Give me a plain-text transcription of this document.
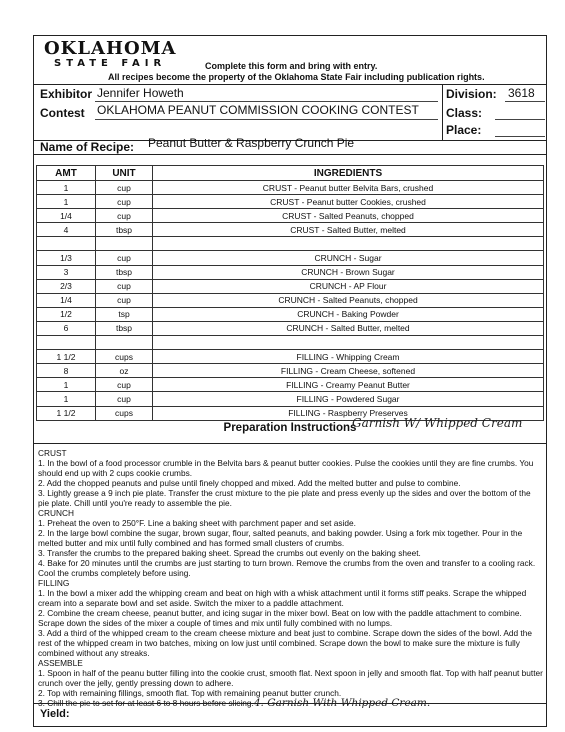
OKLAHOMA
STATE FAIR	Complete this form and bring with entry.
All recipes become the property of the Oklahoma State Fair including publication rights.
Exhibitor Jennifer Howeth	Division: 3618
Contest OKLAHOMA PEANUT COMMISSION COOKING CONTEST Class:
Place:
Name of Recipe: Peanut Butter & Raspberry Crunch Pie
AMT	UNIT	INGREDIENTS
1	cup	CRUST - Peanut butter Belvita Bars, crushed
1	cup	CRUST - Peanut butter Cookies, crushed
1/4	cup	CRUST - Salted Peanuts, chopped
4	tbsp	CRUST - Salted Butter, melted

1/3	cup	CRUNCH - Sugar
3	tbsp	CRUNCH - Brown Sugar
2/3	cup	CRUNCH - AP Flour
1/4	cup	CRUNCH - Salted Peanuts, chopped
1/2	tsp	CRUNCH - Baking Powder
6	tbsp	CRUNCH - Salted Butter, melted

1 1/2	cups	FILLING - Whipping Cream
8	oz	FILLING - Cream Cheese, softened
1	cup	FILLING - Creamy Peanut Butter
1	cup	FILLING - Powdered Sugar
1 1/2	cups	FILLING - Raspberry Preserves
Preparation Instructions
Garnish W/ Whipped Cream
CRUST
1. In the bowl of a food processor crumble in the Belvita bars & peanut butter cookies. Pulse the cookies until they are fine crumbs. You should end up with 2 cups cookie crumbs.
2. Add the chopped peanuts and pulse until finely chopped and mixed. Add the melted butter and pulse to combine.
3. Lightly grease a 9 inch pie plate. Transfer the crust mixture to the pie plate and press evenly up the sides and over the bottom of the pie plate. Chill until you're ready to assemble the pie.
CRUNCH
1. Preheat the oven to 250°F. Line a baking sheet with parchment paper and set aside.
2. In the large bowl combine the sugar, brown sugar, flour, salted peanuts, and baking powder. Using a fork mix together. Pour in the melted butter and mix until fully combined and has formed small clusters of crumbs.
3. Transfer the crumbs to the prepared baking sheet. Spread the crumbs out evenly on the baking sheet.
4. Bake for 20 minutes until the crumbs are just starting to turn brown. Remove the crumbs from the oven and transfer to a cooling rack. Cool the crumbs completely before using.
FILLING
1. In the bowl a mixer add the whipping cream and beat on high with a whisk attachment until it forms stiff peaks. Scrape the whipped cream into a separate bowl and set aside. Switch the mixer to a paddle attachment.
2. Combine the cream cheese, peanut butter, and icing sugar in the mixer bowl. Beat on low with the paddle attachment to combine. Scrape down the sides of the mixer a couple of times and mix until fully combined with no lumps.
3. Add a third of the whipped cream to the cream cheese mixture and beat just to combine. Scrape down the sides of the bowl. Add the rest of the whipped cream in two batches, mixing on low just until combined. Scrape down the bowl to make sure the mixture is fully combined without any streaks.
ASSEMBLE
1. Spoon in half of the peanu butter filling into the cookie crust, smooth flat. Next spoon in jelly and smooth flat. Top with half peanut butter crunch over the jelly, gently pressing down to adhere.
2. Top with remaining fillings, smooth flat. Top with remaining peanut butter crunch.
3. Chill the pie to set for at least 6 to 8 hours before slicing.4. Garnish With Whipped Cream.
Yield:
